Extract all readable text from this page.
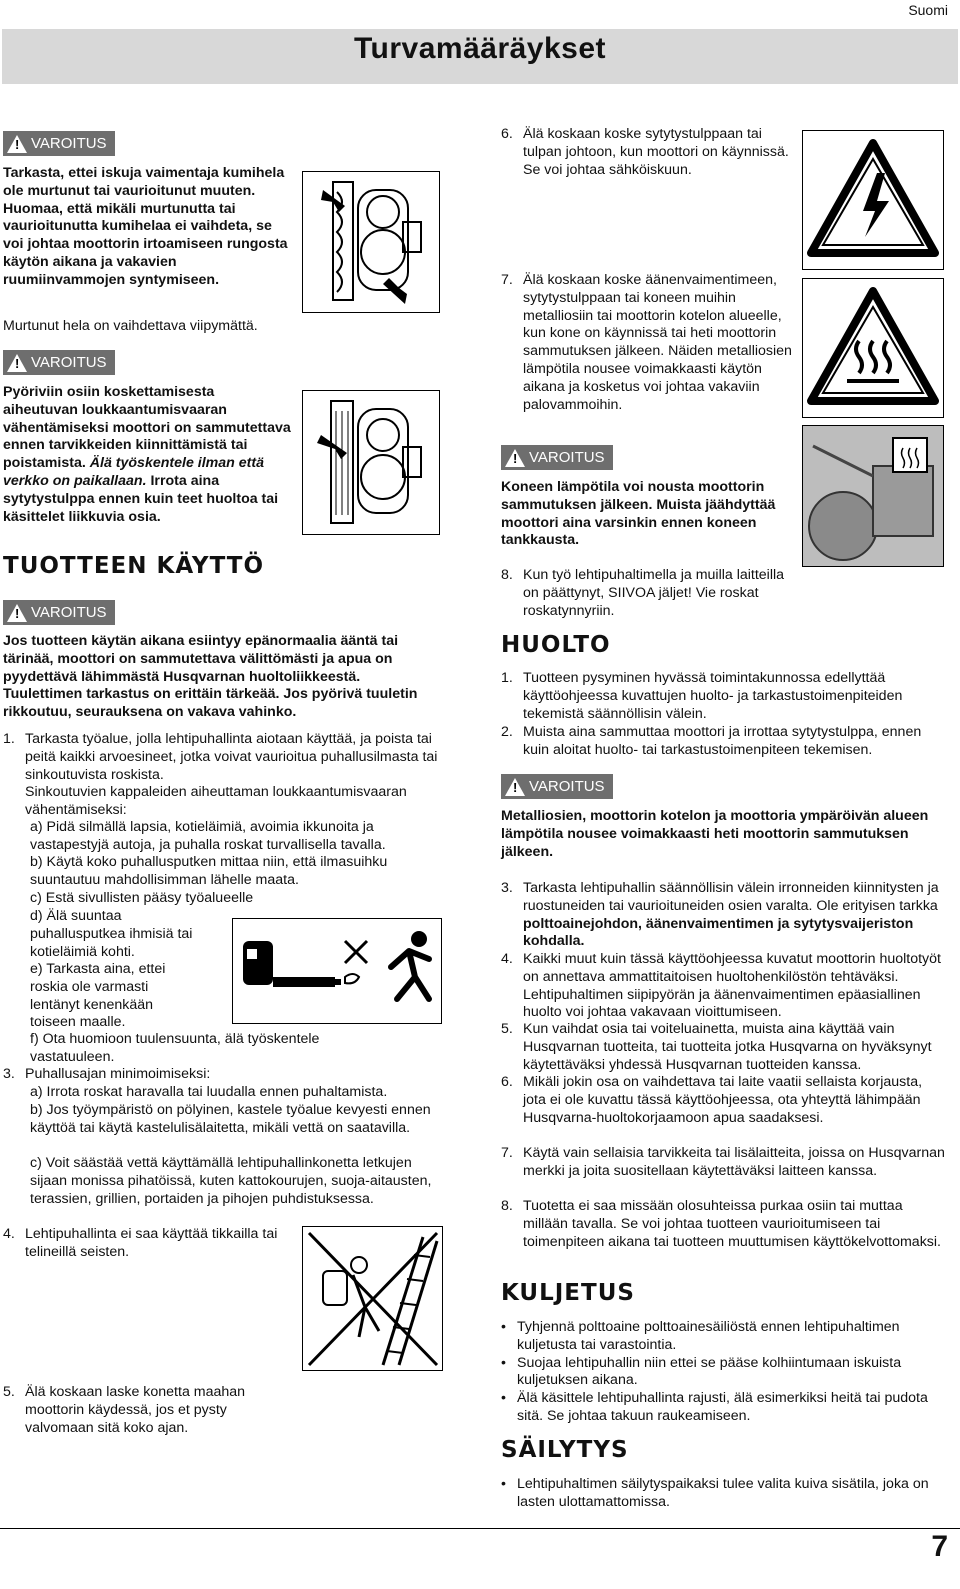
Suomi
Turvamääräykset
! VAROITUS

Tarkasta, ettei iskuja vaimentaja kumihela ole murtunut tai vaurioitunut muuten. Huomaa, että mikäli murtunutta tai vaurioitunutta kumihelaa ei vaihdeta, se voi johtaa moottorin irtoamiseen rungosta käytön aikana ja vakavien ruumiinvammojen syntymiseen.

Murtunut hela on vaihdettava viipymättä.

! VAROITUS

Pyöriviin osiin koskettamisesta aiheutuvan loukkaantumisvaaran vähentämiseksi moottori on sammutettava ennen tarvikkeiden kiinnittämistä tai poistamista. Älä työskentele ilman että verkko on paikallaan. Irrota aina sytytystulppa ennen kuin teet huoltoa tai käsittelet liikkuvia osia.

TUOTTEEN KÄYTTÖ
! VAROITUS

Jos tuotteen käytän aikana esiintyy epänormaalia ääntä tai tärinää, moottori on sammutettava välittömästi ja apua on pyydettävä lähimmästä Husqvarnan huoltoliikkeestä. Tuulettimen tarkastus on erittäin tärkeää. Jos pyörivä tuuletin rikkoutuu, seurauksena on vakava vahinko.

1. Tarkasta työalue, jolla lehtipuhallinta aiotaan käyttää, ja poista tai peitä kaikki arvoesineet, jotka voivat vaurioitua puhallusilmasta tai sinkoutuvista roskista.
Sinkoutuvien kappaleiden aiheuttaman loukkaantumisvaaran vähentämiseksi:
a) Pidä silmällä lapsia, kotieläimiä, avoimia ikkunoita ja vastapestyjä autoja, ja puhalla roskat turvallisella tavalla.
b) Käytä koko puhallusputken mittaa niin, että ilmasuihku suuntautuu mahdollisimman lähelle maata.
c) Estä sivullisten pääsy työalueelle
d) Älä suuntaa puhallusputkea ihmisiä tai kotieläimiä kohti.
e) Tarkasta aina, ettei roskia ole varmasti lentänyt kenenkään toiseen maalle.
f) Ota huomioon tuulensuunta, älä työskentele vastatuuleen.
3. Puhallusajan minimoimiseksi:
a) Irrota roskat haravalla tai luudalla ennen puhaltamista.
b) Jos työympäristö on pölyinen, kastele työalue kevyesti ennen käyttöä tai käytä kastelulisälaitetta, mikäli vettä on saatavilla.
c) Voit säästää vettä käyttämällä lehtipuhallinkonetta letkujen sijaan monissa pihatöissä, kuten kattokourujen, suoja-aitausten, terassien, grillien, portaiden ja pihojen puhdistuksessa.
4. Lehtipuhallinta ei saa käyttää tikkailla tai telineillä seisten.
5. Älä koskaan laske konetta maahan moottorin käydessä, jos et pysty valvomaan sitä koko ajan.
6. Älä koskaan koske sytytystulppaan tai tulpan johtoon, kun moottori on käynnissä. Se voi johtaa sähköiskuun.
7. Älä koskaan koske äänenvaimentimeen, sytytystulppaan tai koneen muihin metalliosiin tai moottorin kotelon alueelle, kun kone on käynnissä tai heti moottorin sammutuksen jälkeen. Näiden metalliosien lämpötila nousee voimakkaasti käytön aikana ja kosketus voi johtaa vakaviin palovammoihin.
! VAROITUS

Koneen lämpötila voi nousta moottorin sammutuksen jälkeen. Muista jäähdyttää moottori aina varsinkin ennen koneen tankkausta.

8. Kun työ lehtipuhaltimella ja muilla laitteilla on päättynyt, SIIVOA jäljet! Vie roskat roskatynnyriin.
HUOLTO
1. Tuotteen pysyminen hyvässä toimintakunnossa edellyttää käyttöohjeessa kuvattujen huolto- ja tarkastustoimenpiteiden tekemistä säännöllisin välein.
2. Muista aina sammuttaa moottori ja irrottaa sytytystulppa, ennen kuin aloitat huolto- tai tarkastustoimenpiteen tekemisen.
! VAROITUS

Metalliosien, moottorin kotelon ja moottoria ympäröivän alueen lämpötila nousee voimakkaasti heti moottorin sammutuksen jälkeen.

3. Tarkasta lehtipuhallin säännöllisin välein irronneiden kiinnitysten ja ruostuneiden tai vaurioituneiden osien varalta. Ole erityisen tarkka polttoainejohdon, äänenvaimentimen ja sytytysvaijeriston kohdalla.
4. Kaikki muut kuin tässä käyttöohjeessa kuvatut moottorin huoltotyöt on annettava ammattitaitoisen huoltohenkilöstön tehtäväksi. Lehtipuhaltimen siipipyörän ja äänenvaimentimen epäasiallinen huolto voi johtaa vakavaan vioittumiseen.
5. Kun vaihdat osia tai voiteluainetta, muista aina käyttää vain Husqvarnan tuotteita, tai tuotteita jotka Husqvarna on hyväksynyt käytettäväksi yhdessä Husqvarnan tuotteiden kanssa.
6. Mikäli jokin osa on vaihdettava tai laite vaatii sellaista korjausta, jota ei ole kuvattu tässä käyttöohjeessa, ota yhteyttä lähimpään Husqvarna-huoltokorjaamoon apua saadaksesi.
7. Käytä vain sellaisia tarvikkeita tai lisälaitteita, joissa on Husqvarnan merkki ja joita suositellaan käytettäväksi laitteen kanssa.
8. Tuotetta ei saa missään olosuhteissa purkaa osiin tai muttaa millään tavalla. Se voi johtaa tuotteen vaurioitumiseen tai toimenpiteen aikana tai tuotteen muuttumisen käyttökelvottomaksi.
KULJETUS
• Tyhjennä polttoaine polttoainesäiliöstä ennen lehtipuhaltimen kuljetusta tai varastointia.
• Suojaa lehtipuhallin niin ettei se pääse kolhiintumaan iskuista kuljetuksen aikana.
• Älä käsittele lehtipuhallinta rajusti, älä esimerkiksi heitä tai pudota sitä. Se johtaa takuun raukeamiseen.
SÄILYTYS
• Lehtipuhaltimen säilytyspaikaksi tulee valita kuiva sisätila, joka on lasten ulottamattomissa.
7
